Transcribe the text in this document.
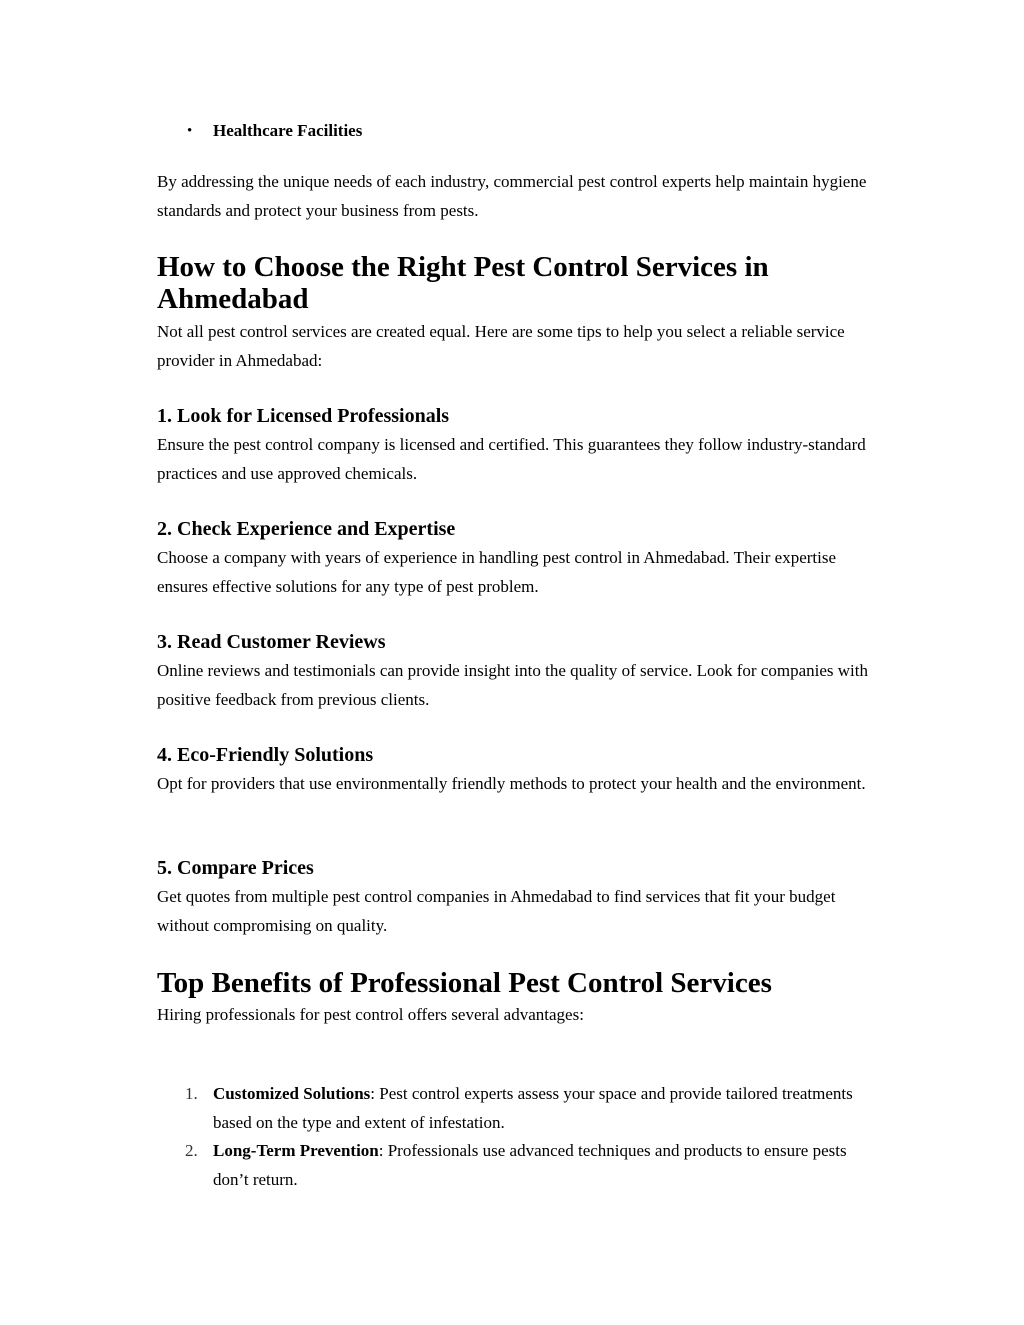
• Healthcare Facilities

By addressing the unique needs of each industry, commercial pest control experts help maintain hygiene standards and protect your business from pests.

How to Choose the Right Pest Control Services in Ahmedabad

Not all pest control services are created equal. Here are some tips to help you select a reliable service provider in Ahmedabad:

1. Look for Licensed Professionals

Ensure the pest control company is licensed and certified. This guarantees they follow industry-standard practices and use approved chemicals.

2. Check Experience and Expertise

Choose a company with years of experience in handling pest control in Ahmedabad. Their expertise ensures effective solutions for any type of pest problem.

3. Read Customer Reviews

Online reviews and testimonials can provide insight into the quality of service. Look for companies with positive feedback from previous clients.

4. Eco-Friendly Solutions

Opt for providers that use environmentally friendly methods to protect your health and the environment.

5. Compare Prices

Get quotes from multiple pest control companies in Ahmedabad to find services that fit your budget without compromising on quality.

Top Benefits of Professional Pest Control Services

Hiring professionals for pest control offers several advantages:

1. Customized Solutions: Pest control experts assess your space and provide tailored treatments based on the type and extent of infestation.
2. Long-Term Prevention: Professionals use advanced techniques and products to ensure pests don’t return.
